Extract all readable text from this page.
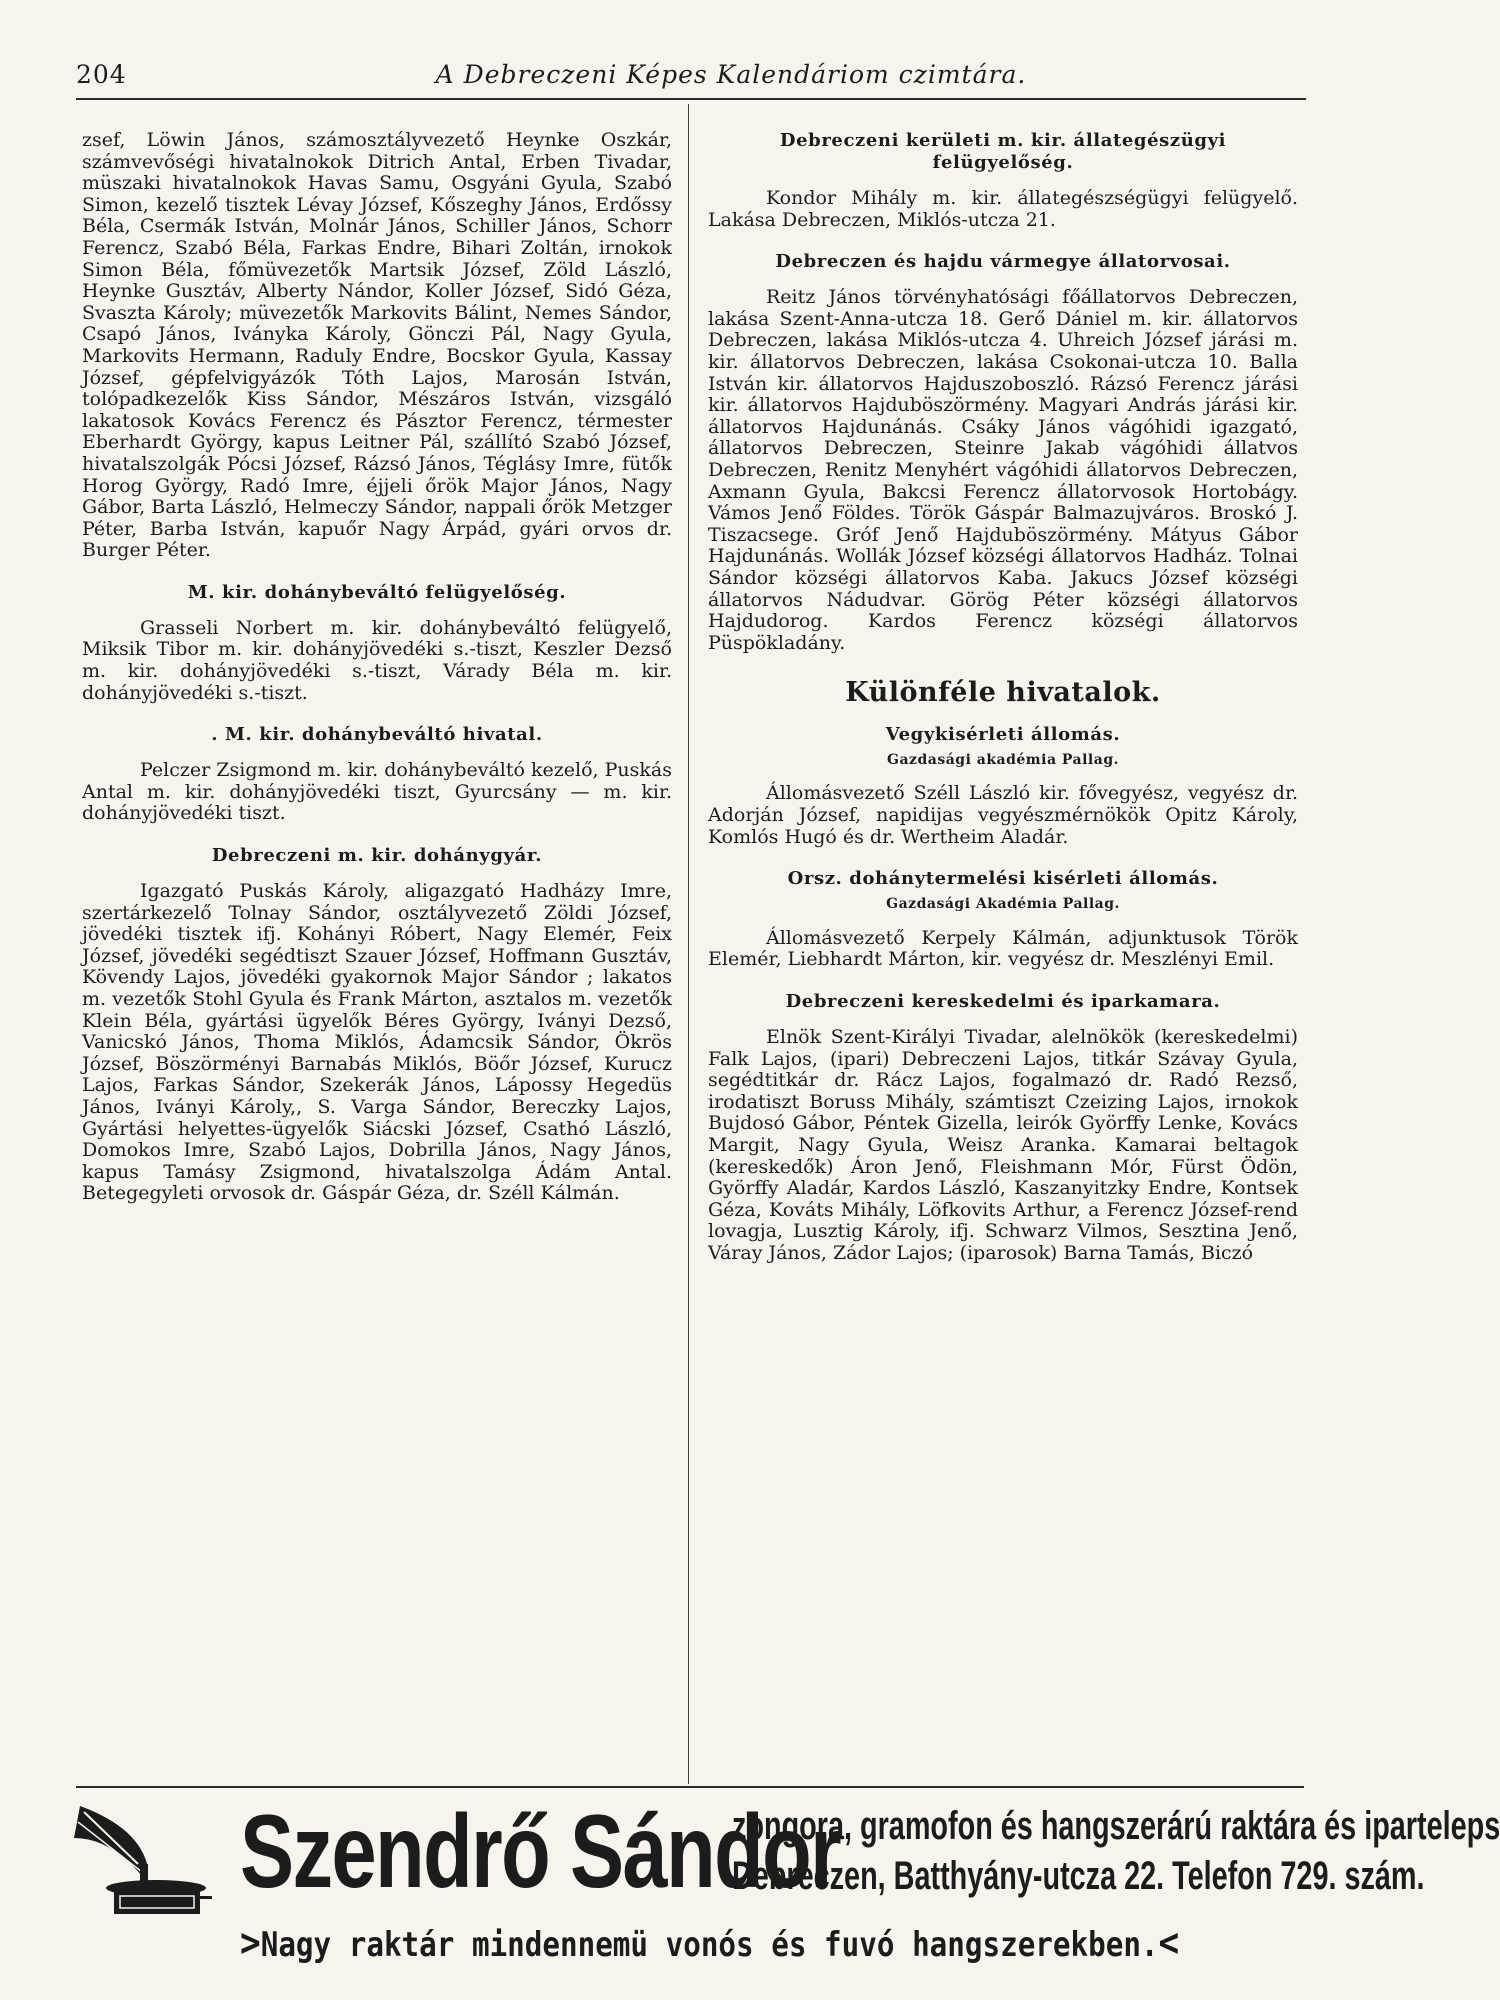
204	A Debreczeni Képes Kalendáriom czimtára.

zsef, Löwin János, számosztályvezető Heynke Oszkár, számvevőségi hivatalnokok Ditrich Antal, Erben Tivadar, müszaki hivatalnokok Havas Samu, Osgyáni Gyula, Szabó Simon, kezelő tisztek Lévay József, Kőszeghy János, Erdőssy Béla, Csermák István, Molnár János, Schiller János, Schorr Ferencz, Szabó Béla, Farkas Endre, Bihari Zoltán, irnokok Simon Béla, főmüvezetők Martsik József, Zöld László, Heynke Gusztáv, Alberty Nándor, Koller József, Sidó Géza, Svaszta Károly; müvezetők Markovits Bálint, Nemes Sándor, Csapó János, Iványka Károly, Gönczi Pál, Nagy Gyula, Markovits Hermann, Raduly Endre, Bocskor Gyula, Kassay József, gépfelvigyázók Tóth Lajos, Marosán István, tolópadkezelők Kiss Sándor, Mészáros István, vizsgáló lakatosok Kovács Ferencz és Pásztor Ferencz, térmester Eberhardt György, kapus Leitner Pál, szállító Szabó József, hivatalszolgák Pócsi József, Rázsó János, Téglásy Imre, fütők Horog György, Radó Imre, éjjeli őrök Major János, Nagy Gábor, Barta László, Helmeczy Sándor, nappali őrök Metzger Péter, Barba István, kapuőr Nagy Árpád, gyári orvos dr. Burger Péter.

M. kir. dohánybeváltó felügyelőség.

Grasseli Norbert m. kir. dohánybeváltó felügyelő, Miksik Tibor m. kir. dohányjövedéki s.-tiszt, Keszler Dezső m. kir. dohányjövedéki s.-tiszt, Várady Béla m. kir. dohányjövedéki s.-tiszt.

. M. kir. dohánybeváltó hivatal.

Pelczer Zsigmond m. kir. dohánybeváltó kezelő, Puskás Antal m. kir. dohányjövedéki tiszt, Gyurcsány — m. kir. dohányjövedéki tiszt.

Debreczeni m. kir. dohánygyár.

Igazgató Puskás Károly, aligazgató Hadházy Imre, szertárkezelő Tolnay Sándor, osztályvezető Zöldi József, jövedéki tisztek ifj. Kohányi Róbert, Nagy Elemér, Feix József, jövedéki segédtiszt Szauer József, Hoffmann Gusztáv, Kövendy Lajos, jövedéki gyakornok Major Sándor ; lakatos m. vezetők Stohl Gyula és Frank Márton, asztalos m. vezetők Klein Béla, gyártási ügyelők Béres György, Iványi Dezső, Vanicskó János, Thoma Miklós, Ádamcsik Sándor, Ökrös József, Böszörményi Barnabás Miklós, Böőr József, Kurucz Lajos, Farkas Sándor, Szekerák János, Lápossy Hegedüs János, Iványi Károly,, S. Varga Sándor, Bereczky Lajos, Gyártási helyettes-ügyelők Siácski József, Csathó László, Domokos Imre, Szabó Lajos, Dobrilla János, Nagy János, kapus Tamásy Zsigmond, hivatalszolga Ádám Antal. Betegegyleti orvosok dr. Gáspár Géza, dr. Széll Kálmán.

Debreczeni kerületi m. kir. állategészügyi felügyelőség.

Kondor Mihály m. kir. állategészségügyi felügyelő. Lakása Debreczen, Miklós-utcza 21.

Debreczen és hajdu vármegye állatorvosai.

Reitz János törvényhatósági főállatorvos Debreczen, lakása Szent-Anna-utcza 18. Gerő Dániel m. kir. állatorvos Debreczen, lakása Miklós-utcza 4. Uhreich József járási m. kir. állatorvos Debreczen, lakása Csokonai-utcza 10. Balla István kir. állatorvos Hajduszoboszló. Rázsó Ferencz járási kir. állatorvos Hajduböszörmény. Magyari András járási kir. állatorvos Hajdunánás. Csáky János vágóhidi igazgató, állatorvos Debreczen, Steinre Jakab vágóhidi állatvos Debreczen, Renitz Menyhért vágóhidi állatorvos Debreczen, Axmann Gyula, Bakcsi Ferencz állatorvosok Hortobágy. Vámos Jenő Földes. Török Gáspár Balmazujváros. Broskó J. Tiszacsege. Gróf Jenő Hajduböszörmény. Mátyus Gábor Hajdunánás. Wollák József községi állatorvos Hadház. Tolnai Sándor községi állatorvos Kaba. Jakucs József községi állatorvos Nádudvar. Görög Péter községi állatorvos Hajdudorog. Kardos Ferencz községi állatorvos Püspökladány.

Különféle hivatalok.
Vegykisérleti állomás.
Gazdasági akadémia Pallag.

Állomásvezető Széll László kir. fővegyész, vegyész dr. Adorján József, napidijas vegyészmérnökök Opitz Károly, Komlós Hugó és dr. Wertheim Aladár.

Orsz. dohánytermelési kisérleti állomás.
Gazdasági Akadémia Pallag.

Állomásvezető Kerpely Kálmán, adjunktusok Török Elemér, Liebhardt Márton, kir. vegyész dr. Meszlényi Emil.

Debreczeni kereskedelmi és iparkamara.

Elnök Szent-Királyi Tivadar, alelnökök (kereskedelmi) Falk Lajos, (ipari) Debreczeni Lajos, titkár Szávay Gyula, segédtitkár dr. Rácz Lajos, fogalmazó dr. Radó Rezső, irodatiszt Boruss Mihály, számtiszt Czeizing Lajos, irnokok Bujdosó Gábor, Péntek Gizella, leirók Györffy Lenke, Kovács Margit, Nagy Gyula, Weisz Aranka. Kamarai beltagok (kereskedők) Áron Jenő, Fleishmann Mór, Fürst Ödön, Györffy Aladár, Kardos László, Kaszanyitzky Endre, Kontsek Géza, Kováts Mihály, Löfkovits Arthur, a Ferencz József-rend lovagja, Lusztig Károly, ifj. Schwarz Vilmos, Sesztina Jenő, Váray János, Zádor Lajos; (iparosok) Barna Tamás, Biczó

Szendrő Sándor
zongora, gramofon és hangszerárú raktára és iparteleps
Debreczen, Batthyány-utcza 22. Telefon 729. szám.
>Nagy raktár mindennemü vonós és fuvó hangszerekben.<
